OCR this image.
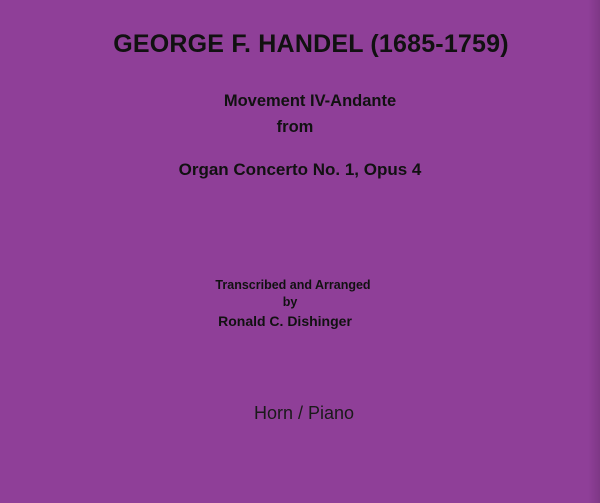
GEORGE F. HANDEL (1685-1759)
Movement IV-Andante
from
Organ Concerto No. 1, Opus 4
Transcribed and Arranged
by
Ronald C. Dishinger
Horn / Piano
